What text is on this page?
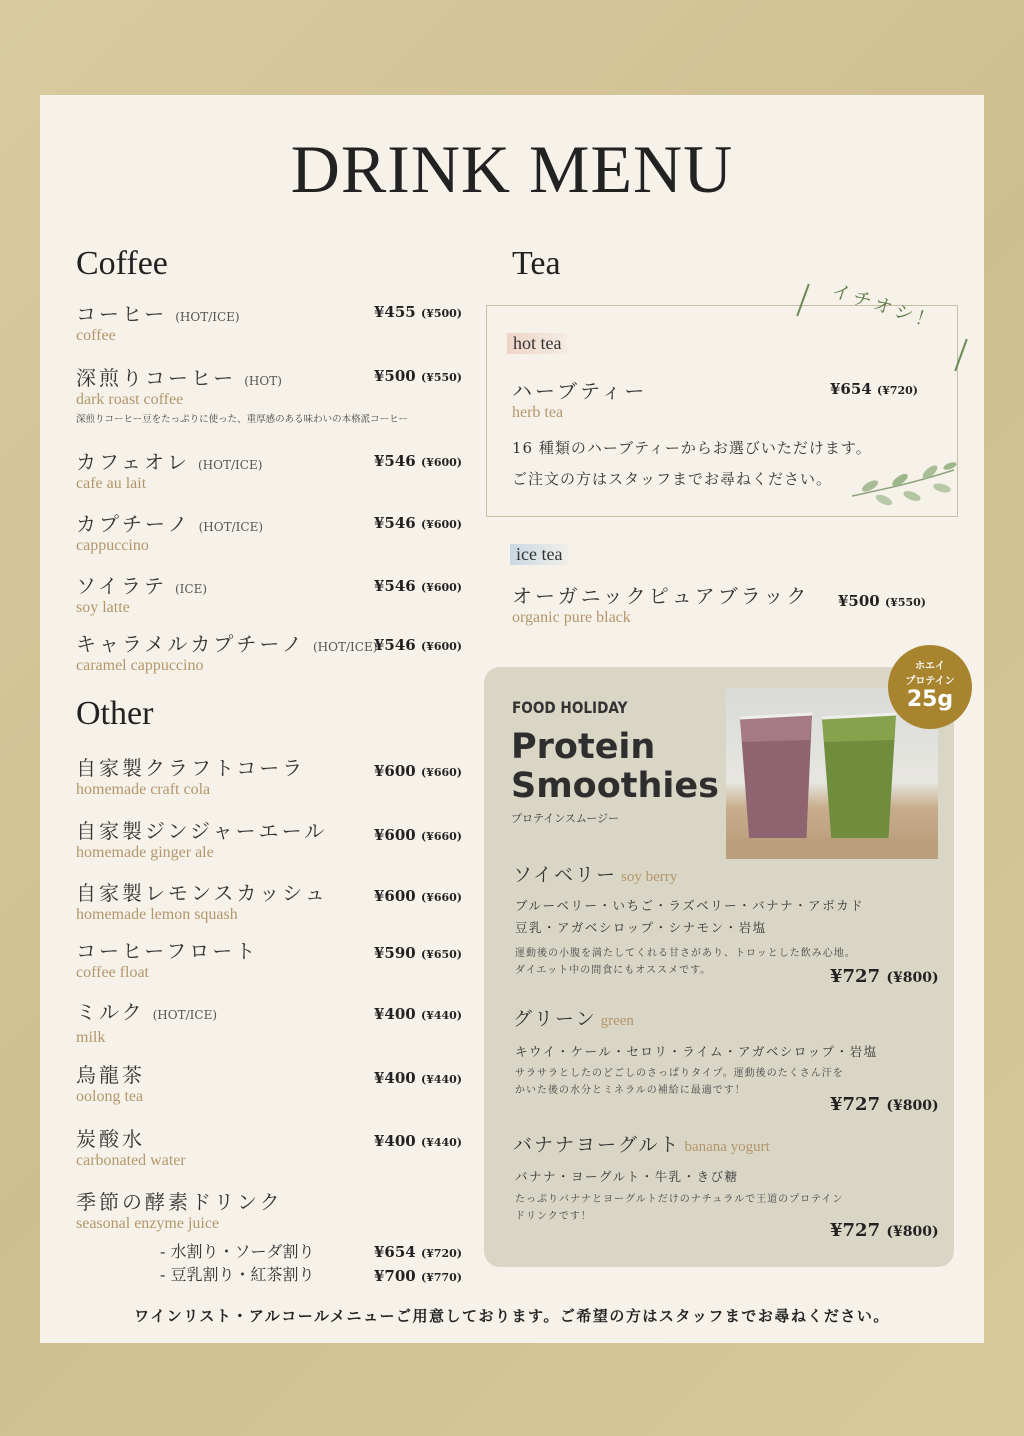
DRINK MENU
Coffee
コーヒー (HOT/ICE)
coffee
¥455 (¥500)
深煎りコーヒー (HOT)
dark roast coffee
深煎りコーヒー豆をたっぷりに使った、重厚感のある味わいの本格派コーヒー
¥500 (¥550)
カフェオレ (HOT/ICE)
cafe au lait
¥546 (¥600)
カプチーノ (HOT/ICE)
cappuccino
¥546 (¥600)
ソイラテ (ICE)
soy latte
¥546 (¥600)
キャラメルカプチーノ (HOT/ICE)
caramel cappuccino
¥546 (¥600)
Other
自家製クラフトコーラ
homemade craft cola
¥600 (¥660)
自家製ジンジャーエール
homemade ginger ale
¥600 (¥660)
自家製レモンスカッシュ
homemade lemon squash
¥600 (¥660)
コーヒーフロート
coffee float
¥590 (¥650)
ミルク (HOT/ICE)
milk
¥400 (¥440)
烏龍茶
oolong tea
¥400 (¥440)
炭酸水
carbonated water
¥400 (¥440)
季節の酵素ドリンク
seasonal enzyme juice
- 水割り・ソーダ割り	¥654 (¥720)
- 豆乳割り・紅茶割り	¥700 (¥770)
Tea
イチオシ！
hot tea
ハーブティー
herb tea
¥654 (¥720)
16 種類のハーブティーからお選びいただけます。
ご注文の方はスタッフまでお尋ねください。
ice tea
オーガニックピュアブラック
organic pure black
¥500 (¥550)
FOOD HOLIDAY
Protein
Smoothies
プロテインスムージー
ホエイ
プロテイン
25g
ソイベリー soy berry
ブルーベリー・いちご・ラズベリー・バナナ・アボカド
豆乳・アガベシロップ・シナモン・岩塩
運動後の小腹を満たしてくれる甘さがあり、トロッとした飲み心地。
ダイエット中の間食にもオススメです。	¥727 (¥800)
グリーン green
キウイ・ケール・セロリ・ライム・アガベシロップ・岩塩
サラサラとしたのどごしのさっぱりタイプ。運動後のたくさん汗を
かいた後の水分とミネラルの補給に最適です！
¥727 (¥800)
バナナヨーグルト banana yogurt
バナナ・ヨーグルト・牛乳・きび糖
たっぷりバナナとヨーグルトだけのナチュラルで王道のプロテイン
ドリンクです！
¥727 (¥800)
ワインリスト・アルコールメニューご用意しております。ご希望の方はスタッフまでお尋ねください。
